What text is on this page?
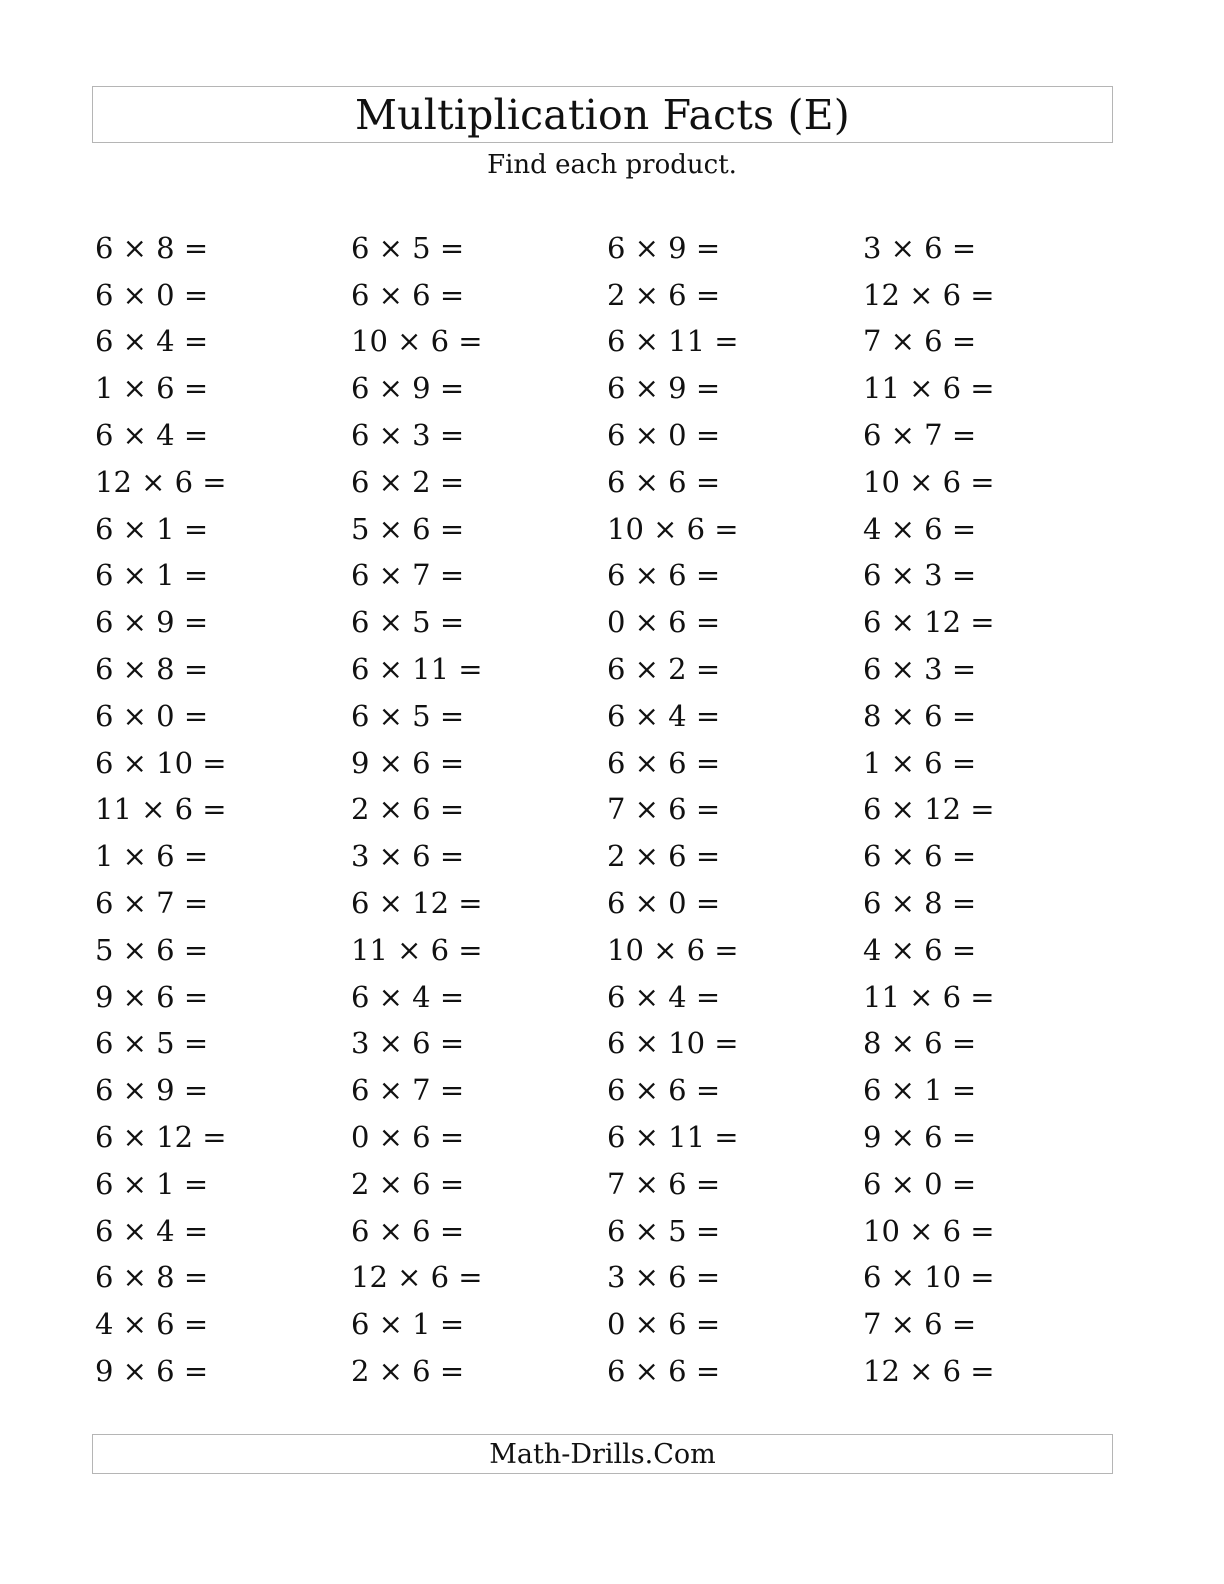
Multiplication Facts (E)
Find each product.
6 × 8 =	6 × 5 =	6 × 9 =	3 × 6 =
6 × 0 =	6 × 6 =	2 × 6 =	12 × 6 =
6 × 4 =	10 × 6 =	6 × 11 =	7 × 6 =
1 × 6 =	6 × 9 =	6 × 9 =	11 × 6 =
6 × 4 =	6 × 3 =	6 × 0 =	6 × 7 =
12 × 6 =	6 × 2 =	6 × 6 =	10 × 6 =
6 × 1 =	5 × 6 =	10 × 6 =	4 × 6 =
6 × 1 =	6 × 7 =	6 × 6 =	6 × 3 =
6 × 9 =	6 × 5 =	0 × 6 =	6 × 12 =
6 × 8 =	6 × 11 =	6 × 2 =	6 × 3 =
6 × 0 =	6 × 5 =	6 × 4 =	8 × 6 =
6 × 10 =	9 × 6 =	6 × 6 =	1 × 6 =
11 × 6 =	2 × 6 =	7 × 6 =	6 × 12 =
1 × 6 =	3 × 6 =	2 × 6 =	6 × 6 =
6 × 7 =	6 × 12 =	6 × 0 =	6 × 8 =
5 × 6 =	11 × 6 =	10 × 6 =	4 × 6 =
9 × 6 =	6 × 4 =	6 × 4 =	11 × 6 =
6 × 5 =	3 × 6 =	6 × 10 =	8 × 6 =
6 × 9 =	6 × 7 =	6 × 6 =	6 × 1 =
6 × 12 =	0 × 6 =	6 × 11 =	9 × 6 =
6 × 1 =	2 × 6 =	7 × 6 =	6 × 0 =
6 × 4 =	6 × 6 =	6 × 5 =	10 × 6 =
6 × 8 =	12 × 6 =	3 × 6 =	6 × 10 =
4 × 6 =	6 × 1 =	0 × 6 =	7 × 6 =
9 × 6 =	2 × 6 =	6 × 6 =	12 × 6 =
Math-Drills.Com
